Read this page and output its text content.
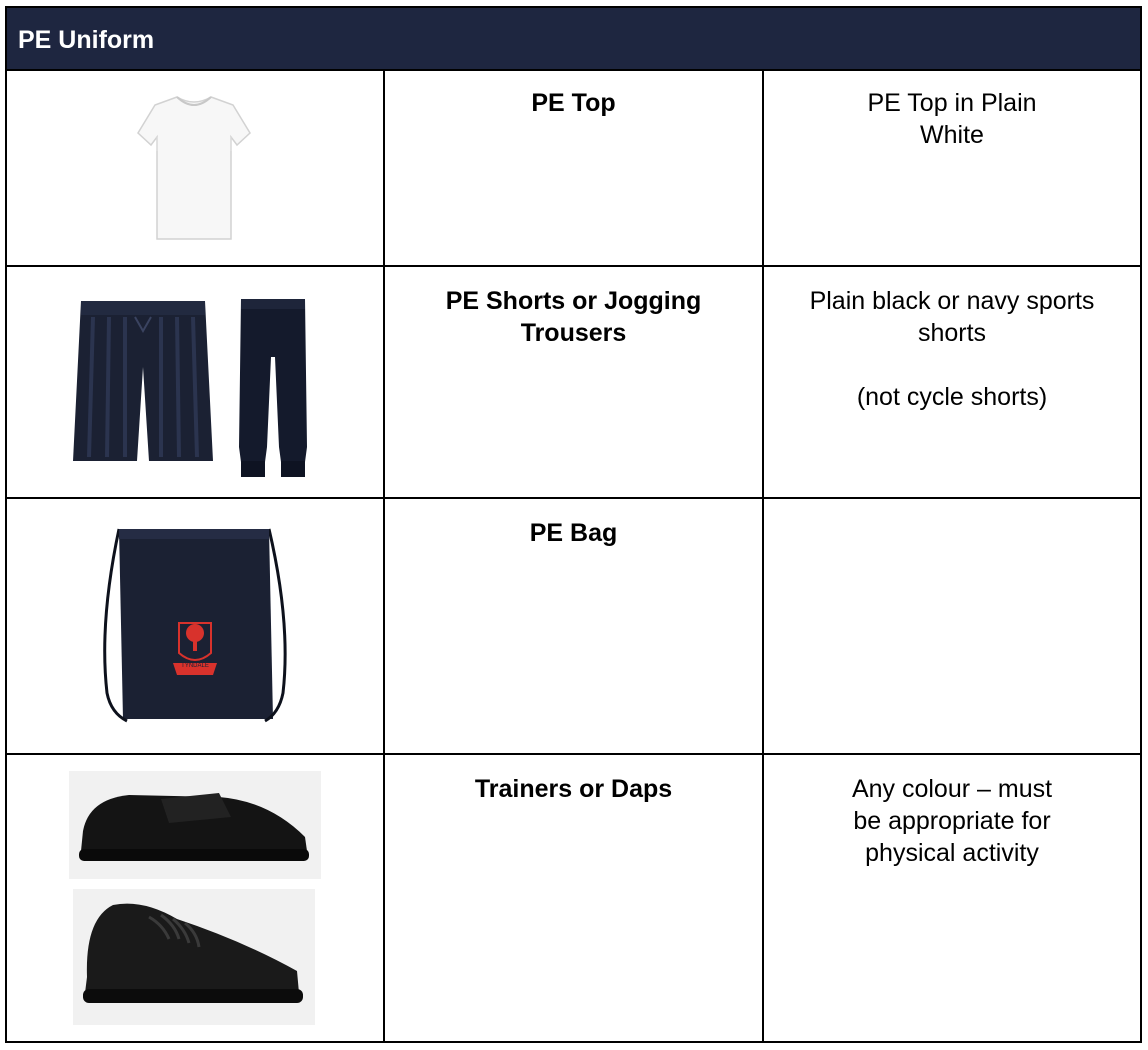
PE Uniform
PE Top	PE Top in Plain White
PE Shorts or Jogging Trousers
Plain black or navy sports shorts
(not cycle shorts)
TYNDALE
PE Bag
Trainers or Daps	Any colour – must be appropriate for physical activity
